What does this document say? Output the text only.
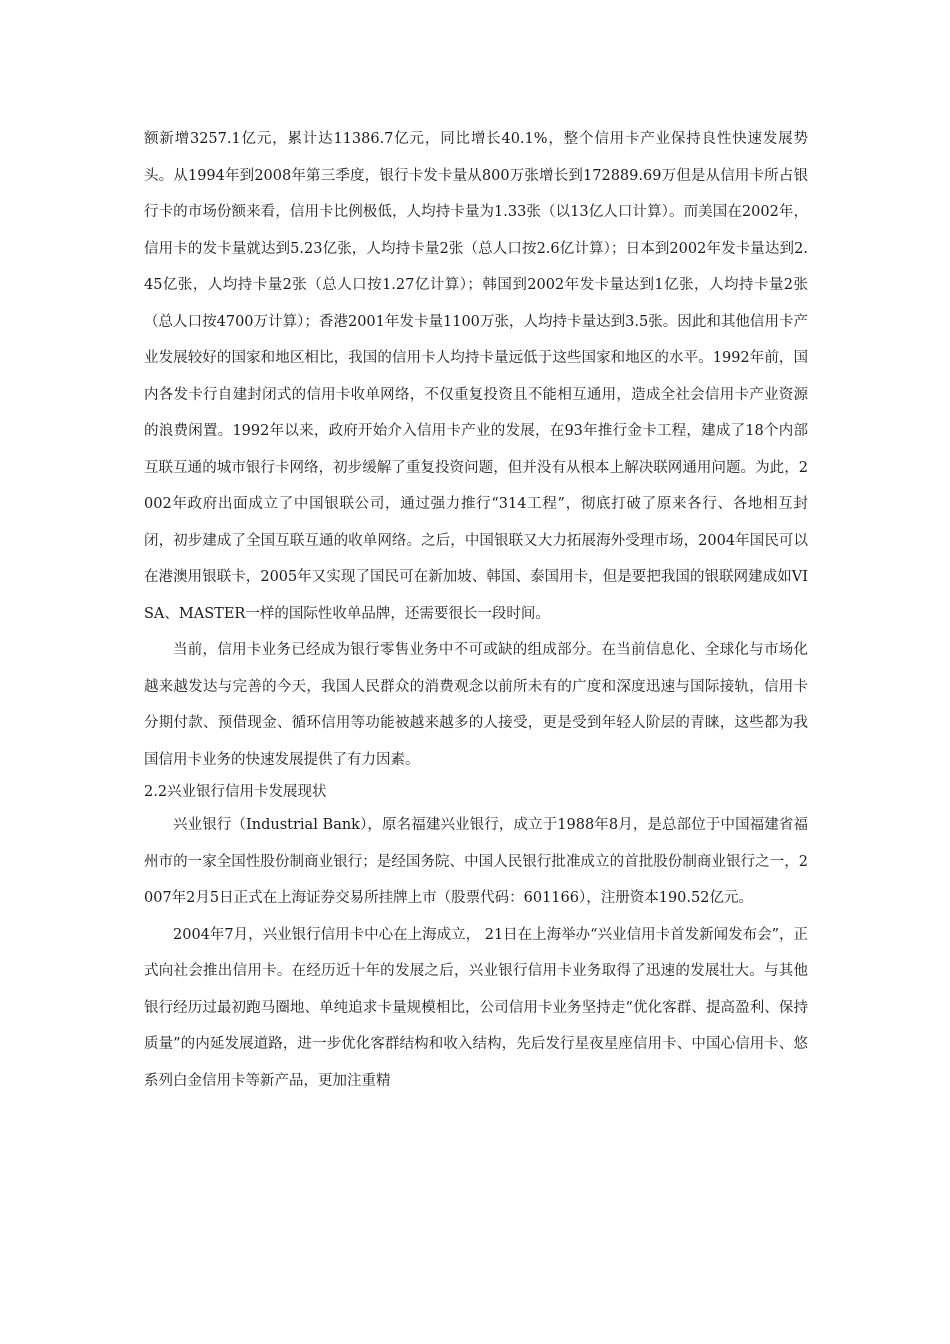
额新增3257.1亿元，累计达11386.7亿元，同比增长40.1%，整个信用卡产业保持良性快速发展势头。从1994年到2008年第三季度，银行卡发卡量从800万张增长到172889.69万但是从信用卡所占银行卡的市场份额来看，信用卡比例极低，人均持卡量为1.33张（以13亿人口计算）。而美国在2002年，信用卡的发卡量就达到5.23亿张，人均持卡量2张（总人口按2.6亿计算）；日本到2002年发卡量达到2.45亿张，人均持卡量2张（总人口按1.27亿计算）；韩国到2002年发卡量达到1亿张，人均持卡量2张（总人口按4700万计算）；香港2001年发卡量1100万张，人均持卡量达到3.5张。因此和其他信用卡产业发展较好的国家和地区相比，我国的信用卡人均持卡量远低于这些国家和地区的水平。1992年前，国内各发卡行自建封闭式的信用卡收单网络，不仅重复投资且不能相互通用，造成全社会信用卡产业资源的浪费闲置。1992年以来，政府开始介入信用卡产业的发展，在93年推行金卡工程，建成了18个内部互联互通的城市银行卡网络，初步缓解了重复投资问题，但并没有从根本上解决联网通用问题。为此，2002年政府出面成立了中国银联公司，通过强力推行“314工程”，彻底打破了原来各行、各地相互封闭，初步建成了全国互联互通的收单网络。之后，中国银联又大力拓展海外受理市场，2004年国民可以在港澳用银联卡，2005年又实现了国民可在新加坡、韩国、泰国用卡，但是要把我国的银联网建成如VISA、MASTER一样的国际性收单品牌，还需要很长一段时间。

当前，信用卡业务已经成为银行零售业务中不可或缺的组成部分。在当前信息化、全球化与市场化越来越发达与完善的今天，我国人民群众的消费观念以前所未有的广度和深度迅速与国际接轨，信用卡分期付款、预借现金、循环信用等功能被越来越多的人接受，更是受到年轻人阶层的青睐，这些都为我国信用卡业务的快速发展提供了有力因素。

2.2兴业银行信用卡发展现状

兴业银行（Industrial Bank），原名福建兴业银行，成立于1988年8月，是总部位于中国福建省福州市的一家全国性股份制商业银行；是经国务院、中国人民银行批准成立的首批股份制商业银行之一，2007年2月5日正式在上海证券交易所挂牌上市（股票代码：601166），注册资本190.52亿元。

2004年7月，兴业银行信用卡中心在上海成立， 21日在上海举办“兴业信用卡首发新闻发布会”，正式向社会推出信用卡。在经历近十年的发展之后，兴业银行信用卡业务取得了迅速的发展壮大。与其他银行经历过最初跑马圈地、单纯追求卡量规模相比，公司信用卡业务坚持走“优化客群、提高盈利、保持质量”的内延发展道路，进一步优化客群结构和收入结构，先后发行星夜星座信用卡、中国心信用卡、悠系列白金信用卡等新产品，更加注重精
